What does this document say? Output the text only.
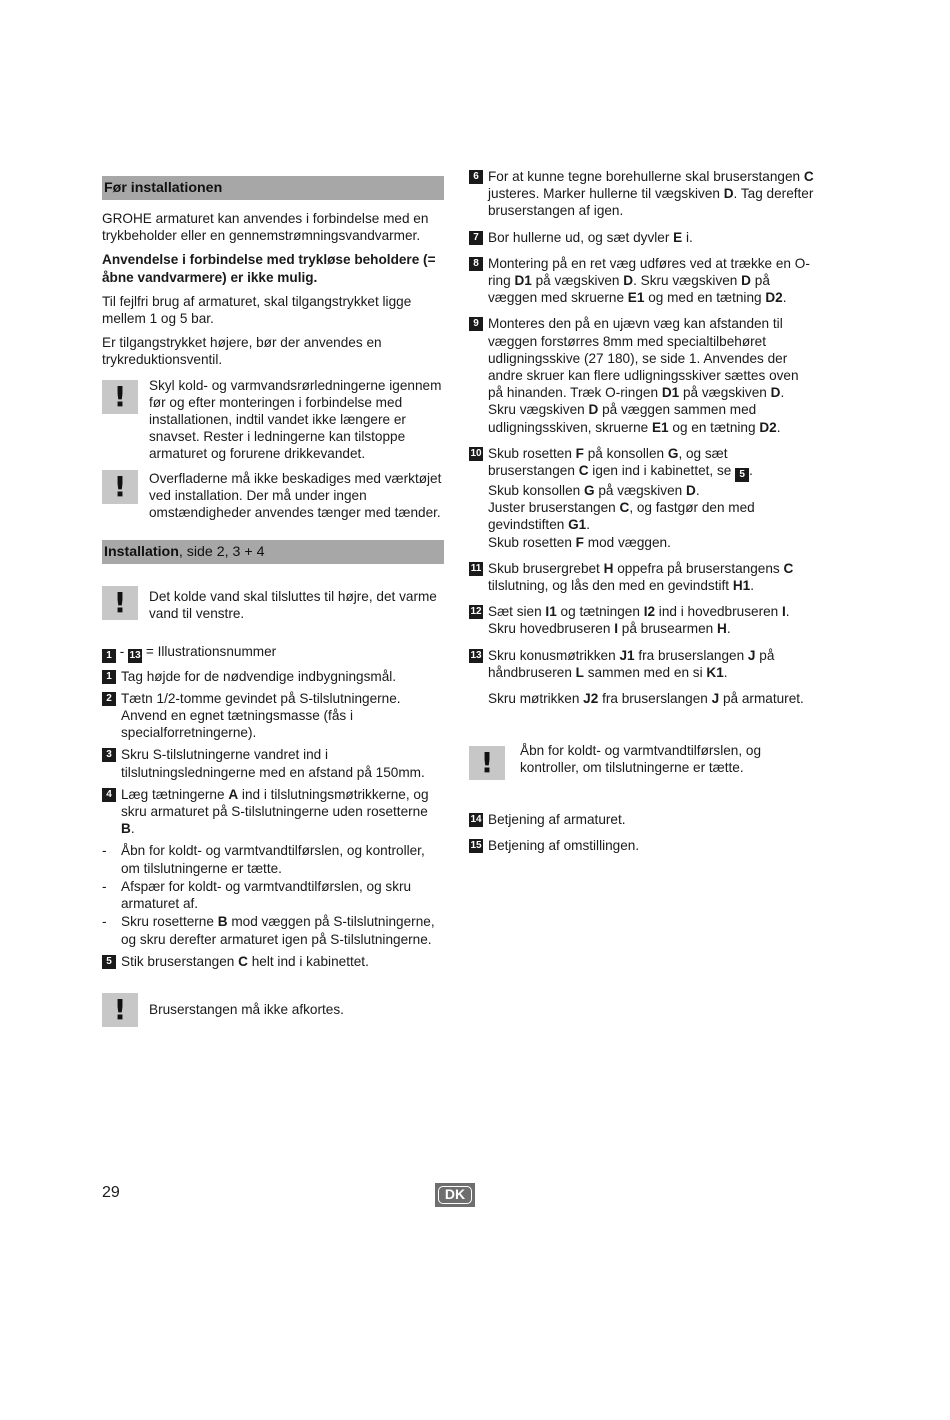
Før installationen

GROHE armaturet kan anvendes i forbindelse med en trykbeholder eller en gennemstrømningsvandvarmer.

Anvendelse i forbindelse med trykløse beholdere (= åbne vandvarmere) er ikke mulig.

Til fejlfri brug af armaturet, skal tilgangstrykket ligge mellem 1 og 5 bar.

Er tilgangstrykket højere, bør der anvendes en trykreduktionsventil.

! Skyl kold- og varmvandsrørledningerne igennem før og efter monteringen i forbindelse med installationen, indtil vandet ikke længere er snavset. Rester i ledningerne kan tilstoppe armaturet og forurene drikkevandet.
! Overfladerne må ikke beskadiges med værktøjet ved installation. Der må under ingen omstændigheder anvendes tænger med tænder.
Installation, side 2, 3 + 4
! Det kolde vand skal tilsluttes til højre, det varme vand til venstre.
1 - 13 = Illustrationsnummer
1 Tag højde for de nødvendige indbygningsmål.
2 Tætn 1/2-tomme gevindet på S-tilslutningerne. Anvend en egnet tætningsmasse (fås i specialforretningerne).
3 Skru S-tilslutningerne vandret ind i tilslutningsledningerne med en afstand på 150mm.
4 Læg tætningerne A ind i tilslutningsmøtrikkerne, og skru armaturet på S-tilslutningerne uden rosetterne B.
- Åbn for koldt- og varmtvandtilførslen, og kontroller, om tilslutningerne er tætte.
- Afspær for koldt- og varmtvandtilførslen, og skru armaturet af.
- Skru rosetterne B mod væggen på S-tilslutningerne, og skru derefter armaturet igen på S-tilslutningerne.
5 Stik bruserstangen C helt ind i kabinettet.
! Bruserstangen må ikke afkortes.
6 For at kunne tegne borehullerne skal bruserstangen C justeres. Marker hullerne til vægskiven D. Tag derefter bruserstangen af igen.
7 Bor hullerne ud, og sæt dyvler E i.
8 Montering på en ret væg udføres ved at trække en O-ring D1 på vægskiven D. Skru vægskiven D på væggen med skruerne E1 og med en tætning D2.
9 Monteres den på en ujævn væg kan afstanden til væggen forstørres 8mm med specialtilbehøret udligningsskive (27 180), se side 1. Anvendes der andre skruer kan flere udligningsskiver sættes oven på hinanden. Træk O-ringen D1 på vægskiven D. Skru vægskiven D på væggen sammen med udligningsskiven, skruerne E1 og en tætning D2.
10 Skub rosetten F på konsollen G, og sæt bruserstangen C igen ind i kabinettet, se 5 .
Skub konsollen G på vægskiven D.
Juster bruserstangen C, og fastgør den med gevindstiften G1.
Skub rosetten F mod væggen.
11 Skub brusergrebet H oppefra på bruserstangens C tilslutning, og lås den med en gevindstift H1.
12 Sæt sien I1 og tætningen I2 ind i hovedbruseren I. Skru hovedbruseren I på brusearmen H.
13 Skru konusmøtrikken J1 fra bruserslangen J på håndbruseren L sammen med en si K1.
Skru møtrikken J2 fra bruserslangen J på armaturet.
! Åbn for koldt- og varmtvandtilførslen, og kontroller, om tilslutningerne er tætte.
14 Betjening af armaturet.
15 Betjening af omstillingen.
29	DK
